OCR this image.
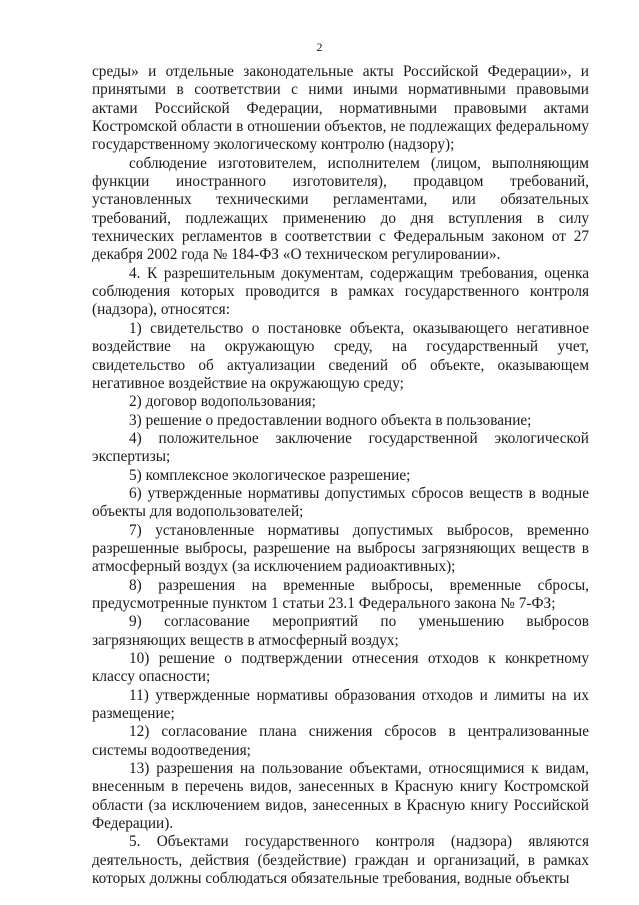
2

среды» и отдельные законодательные акты Российской Федерации», и принятыми в соответствии с ними иными нормативными правовыми актами Российской Федерации, нормативными правовыми актами Костромской области в отношении объектов, не подлежащих федеральному государственному экологическому контролю (надзору);

соблюдение изготовителем, исполнителем (лицом, выполняющим функции иностранного изготовителя), продавцом требований, установленных техническими регламентами, или обязательных требований, подлежащих применению до дня вступления в силу технических регламентов в соответствии с Федеральным законом от 27 декабря 2002 года № 184-ФЗ «О техническом регулировании».

4. К разрешительным документам, содержащим требования, оценка соблюдения которых проводится в рамках государственного контроля (надзора), относятся:

1) свидетельство о постановке объекта, оказывающего негативное воздействие на окружающую среду, на государственный учет, свидетельство об актуализации сведений об объекте, оказывающем негативное воздействие на окружающую среду;

2) договор водопользования;

3) решение о предоставлении водного объекта в пользование;

4) положительное заключение государственной экологической экспертизы;

5) комплексное экологическое разрешение;

6) утвержденные нормативы допустимых сбросов веществ в водные объекты для водопользователей;

7) установленные нормативы допустимых выбросов, временно разрешенные выбросы, разрешение на выбросы загрязняющих веществ в атмосферный воздух (за исключением радиоактивных);

8) разрешения на временные выбросы, временные сбросы, предусмотренные пунктом 1 статьи 23.1 Федерального закона № 7-ФЗ;

9) согласование мероприятий по уменьшению выбросов загрязняющих веществ в атмосферный воздух;

10) решение о подтверждении отнесения отходов к конкретному классу опасности;

11) утвержденные нормативы образования отходов и лимиты на их размещение;

12) согласование плана снижения сбросов в централизованные системы водоотведения;

13) разрешения на пользование объектами, относящимися к видам, внесенным в перечень видов, занесенных в Красную книгу Костромской области (за исключением видов, занесенных в Красную книгу Российской Федерации).

5. Объектами государственного контроля (надзора) являются деятельность, действия (бездействие) граждан и организаций, в рамках которых должны соблюдаться обязательные требования, водные объекты
